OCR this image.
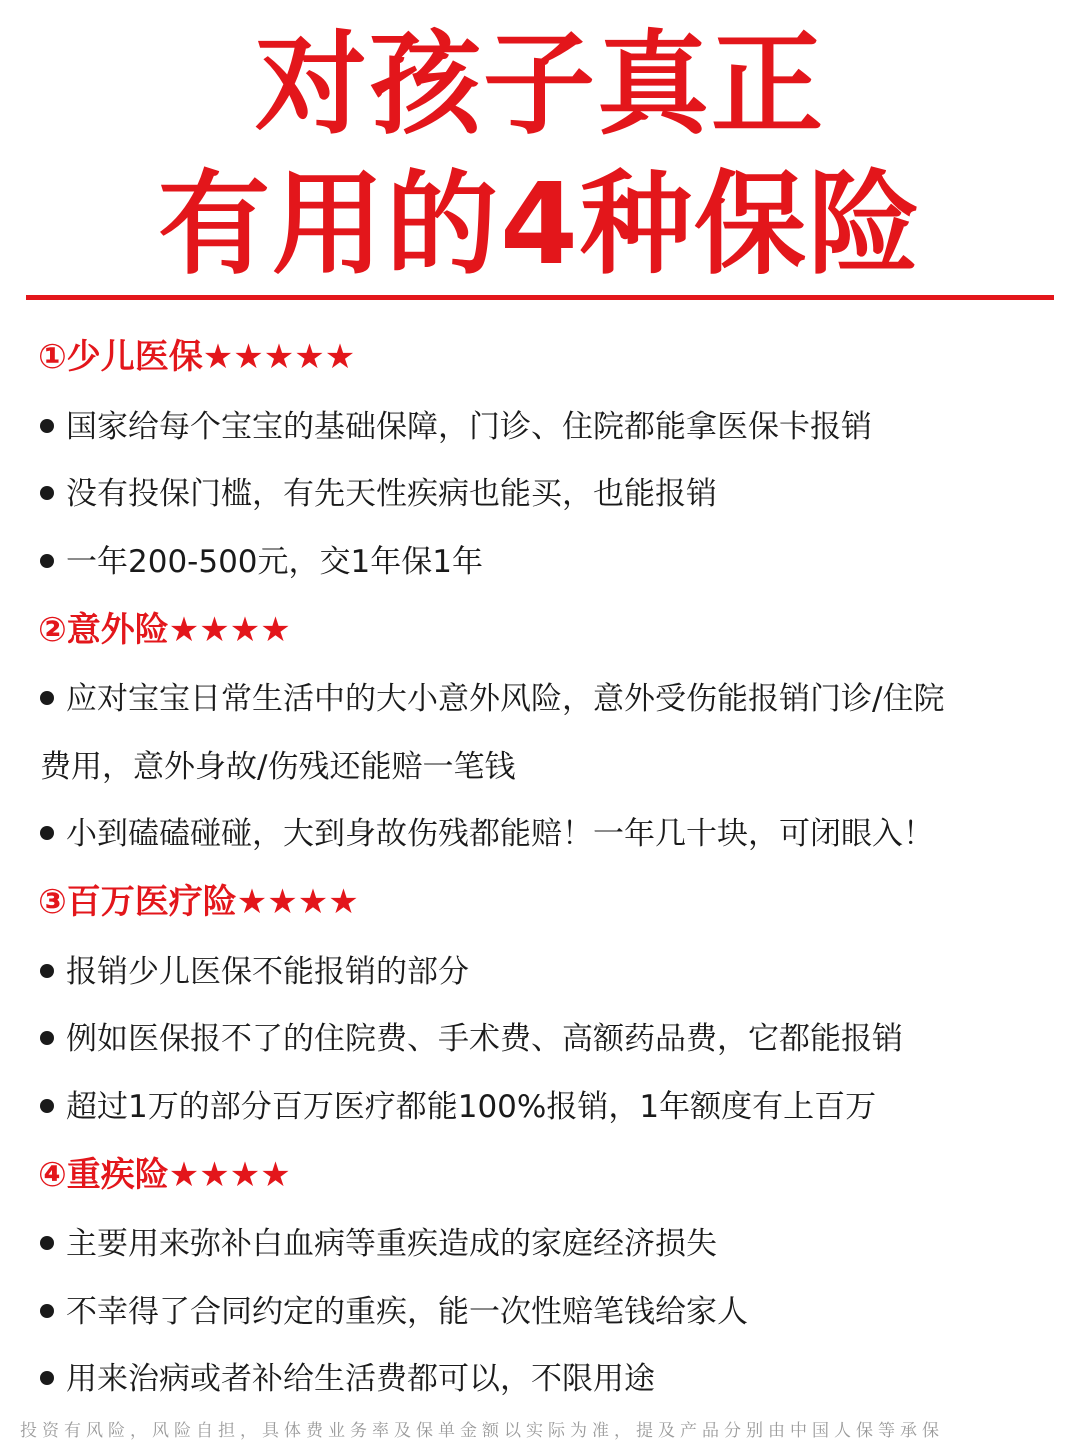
对孩子真正
有用的4种保险
①少儿医保★★★★★
国家给每个宝宝的基础保障，门诊、住院都能拿医保卡报销
没有投保门槛，有先天性疾病也能买，也能报销
一年200-500元，交1年保1年
②意外险★★★★
应对宝宝日常生活中的大小意外风险，意外受伤能报销门诊/住院
费用，意外身故/伤残还能赔一笔钱
小到磕磕碰碰，大到身故伤残都能赔！一年几十块，可闭眼入！
③百万医疗险★★★★
报销少儿医保不能报销的部分
例如医保报不了的住院费、手术费、高额药品费，它都能报销
超过1万的部分百万医疗都能100%报销，1年额度有上百万
④重疾险★★★★
主要用来弥补白血病等重疾造成的家庭经济损失
不幸得了合同约定的重疾，能一次性赔笔钱给家人
用来治病或者补给生活费都可以，不限用途
投资有风险，风险自担，具体费业务率及保单金额以实际为准，提及产品分别由中国人保等承保
